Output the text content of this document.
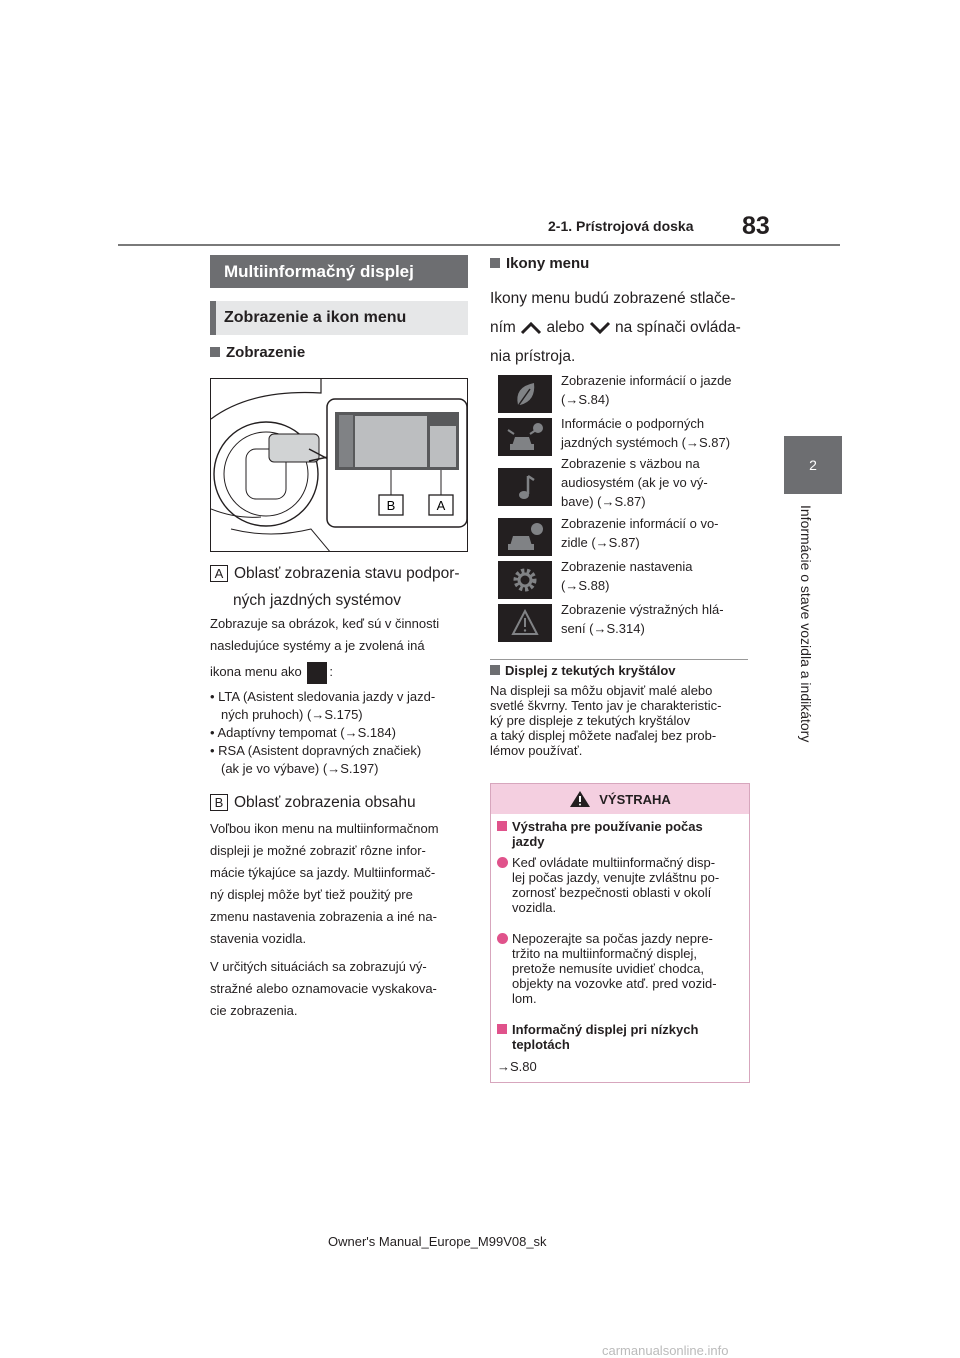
2-1. Prístrojová doska 83
2
Informácie o stave vozidla a indikátory
Multiinformačný displej
Zobrazenie a ikon menu
Zobrazenie
B	A
A Oblasť zobrazenia stavu podpor-
ných jazdných systémov
Zobrazuje sa obrázok, keď sú v činnosti
nasledujúce systémy a je zvolená iná
ikona menu ako :
• LTA (Asistent sledovania jazdy v jazd-
ných pruhoch) (→S.175)
• Adaptívny tempomat (→S.184)
• RSA (Asistent dopravných značiek)
(ak je vo výbave) (→S.197)
B Oblasť zobrazenia obsahu
Voľbou ikon menu na multiinformačnom
displeji je možné zobraziť rôzne infor-
mácie týkajúce sa jazdy. Multiinformač-
ný displej môže byť tiež použitý pre
zmenu nastavenia zobrazenia a iné na-
stavenia vozidla.
V určitých situáciách sa zobrazujú vý-
stražné alebo oznamovacie vyskakova-
cie zobrazenia.
Ikony menu
Ikony menu budú zobrazené stlače-
ním alebo na spínači ovláda-
nia prístroja.
Zobrazenie informácií o jazde
(→S.84)
Informácie o podporných
jazdných systémoch (→S.87)
Zobrazenie s väzbou na
audiosystém (ak je vo vý-
bave) (→S.87)
Zobrazenie informácií o vo-
zidle (→S.87)
Zobrazenie nastavenia
(→S.88)
Zobrazenie výstražných hlá-
sení (→S.314)
Displej z tekutých kryštálov
Na displeji sa môžu objaviť malé alebo
svetlé škvrny. Tento jav je charakteristic-
ký pre displeje z tekutých kryštálov
a taký displej môžete naďalej bez prob-
lémov používať.
VÝSTRAHA
Výstraha pre používanie počas
jazdy
Keď ovládate multiinformačný disp-
lej počas jazdy, venujte zvláštnu po-
zornosť bezpečnosti oblasti v okolí
vozidla.
Nepozerajte sa počas jazdy nepre-
tržito na multiinformačný displej,
pretože nemusíte uvidieť chodca,
objekty na vozovke atď. pred vozid-
lom.
Informačný displej pri nízkych
teplotách
→S.80
Owner's Manual_Europe_M99V08_sk
carmanualsonline.info
